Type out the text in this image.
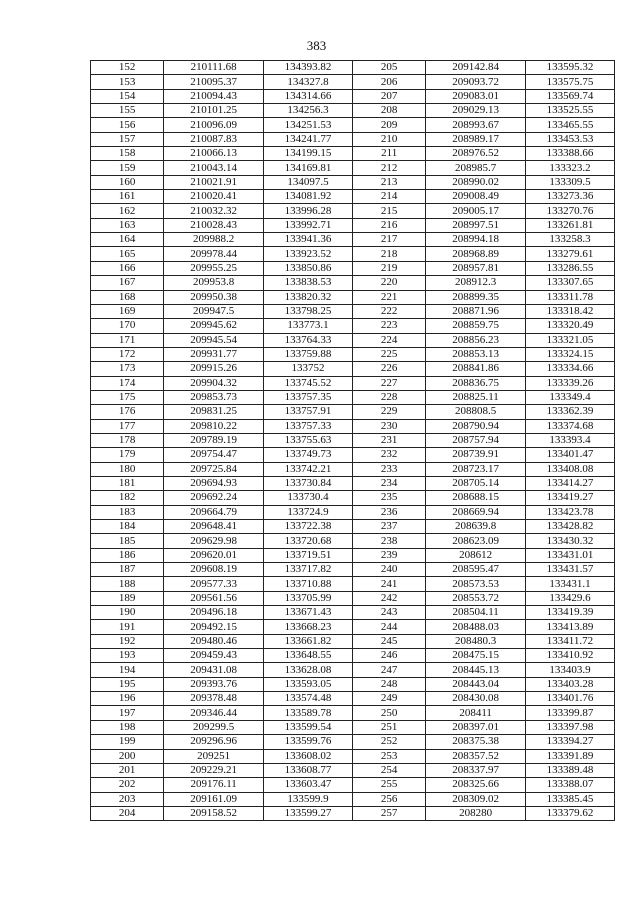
383
152	210111.68	134393.82	205	209142.84	133595.32
153	210095.37	134327.8	206	209093.72	133575.75
154	210094.43	134314.66	207	209083.01	133569.74
155	210101.25	134256.3	208	209029.13	133525.55
156	210096.09	134251.53	209	208993.67	133465.55
157	210087.83	134241.77	210	208989.17	133453.53
158	210066.13	134199.15	211	208976.52	133388.66
159	210043.14	134169.81	212	208985.7	133323.2
160	210021.91	134097.5	213	208990.02	133309.5
161	210020.41	134081.92	214	209008.49	133273.36
162	210032.32	133996.28	215	209005.17	133270.76
163	210028.43	133992.71	216	208997.51	133261.81
164	209988.2	133941.36	217	208994.18	133258.3
165	209978.44	133923.52	218	208968.89	133279.61
166	209955.25	133850.86	219	208957.81	133286.55
167	209953.8	133838.53	220	208912.3	133307.65
168	209950.38	133820.32	221	208899.35	133311.78
169	209947.5	133798.25	222	208871.96	133318.42
170	209945.62	133773.1	223	208859.75	133320.49
171	209945.54	133764.33	224	208856.23	133321.05
172	209931.77	133759.88	225	208853.13	133324.15
173	209915.26	133752	226	208841.86	133334.66
174	209904.32	133745.52	227	208836.75	133339.26
175	209853.73	133757.35	228	208825.11	133349.4
176	209831.25	133757.91	229	208808.5	133362.39
177	209810.22	133757.33	230	208790.94	133374.68
178	209789.19	133755.63	231	208757.94	133393.4
179	209754.47	133749.73	232	208739.91	133401.47
180	209725.84	133742.21	233	208723.17	133408.08
181	209694.93	133730.84	234	208705.14	133414.27
182	209692.24	133730.4	235	208688.15	133419.27
183	209664.79	133724.9	236	208669.94	133423.78
184	209648.41	133722.38	237	208639.8	133428.82
185	209629.98	133720.68	238	208623.09	133430.32
186	209620.01	133719.51	239	208612	133431.01
187	209608.19	133717.82	240	208595.47	133431.57
188	209577.33	133710.88	241	208573.53	133431.1
189	209561.56	133705.99	242	208553.72	133429.6
190	209496.18	133671.43	243	208504.11	133419.39
191	209492.15	133668.23	244	208488.03	133413.89
192	209480.46	133661.82	245	208480.3	133411.72
193	209459.43	133648.55	246	208475.15	133410.92
194	209431.08	133628.08	247	208445.13	133403.9
195	209393.76	133593.05	248	208443.04	133403.28
196	209378.48	133574.48	249	208430.08	133401.76
197	209346.44	133589.78	250	208411	133399.87
198	209299.5	133599.54	251	208397.01	133397.98
199	209296.96	133599.76	252	208375.38	133394.27
200	209251	133608.02	253	208357.52	133391.89
201	209229.21	133608.77	254	208337.97	133389.48
202	209176.11	133603.47	255	208325.66	133388.07
203	209161.09	133599.9	256	208309.02	133385.45
204	209158.52	133599.27	257	208280	133379.62
